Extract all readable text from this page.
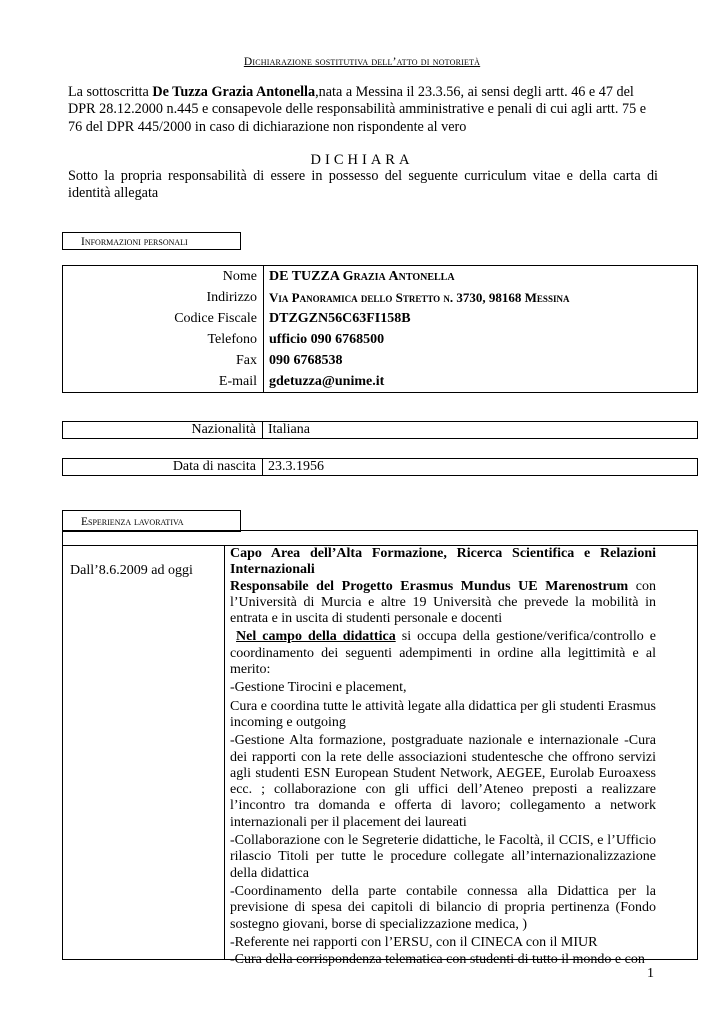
Dichiarazione sostitutiva dell’atto di notorietà
La sottoscritta De Tuzza Grazia Antonella,nata a Messina il 23.3.56, ai sensi degli artt. 46 e 47 del DPR 28.12.2000 n.445 e consapevole delle responsabilità amministrative e penali di cui agli artt. 75 e 76 del DPR 445/2000 in caso di dichiarazione non rispondente al vero
DICHIARA
Sotto la propria responsabilità di essere in possesso del seguente curriculum vitae e della carta di identità allegata
Informazioni personali
Nome	DE TUZZA Grazia Antonella
Indirizzo	Via Panoramica dello Stretto n. 3730, 98168 Messina
Codice Fiscale	DTZGZN56C63FI158B
Telefono	ufficio 090 6768500
Fax	090 6768538
E-mail	gdetuzza@unime.it
Nazionalità Italiana
Data di nascita 23.3.1956
Esperienza lavorativa
Dall’8.6.2009 ad oggi

Capo Area dell’Alta Formazione, Ricerca Scientifica e Relazioni Internazionali

Responsabile del Progetto Erasmus Mundus UE Marenostrum con l’Università di Murcia e altre 19 Università che prevede la mobilità in entrata e in uscita di studenti personale e docenti

Nel campo della didattica si occupa della gestione/verifica/controllo e coordinamento dei seguenti adempimenti in ordine alla legittimità e al merito:

-Gestione Tirocini e placement,

Cura e coordina tutte le attività legate alla didattica per gli studenti Erasmus incoming e outgoing

-Gestione Alta formazione, postgraduate nazionale e internazionale -Cura dei rapporti con la rete delle associazioni studentesche che offrono servizi agli studenti ESN European Student Network, AEGEE, Eurolab Euroaxess ecc. ; collaborazione con gli uffici dell’Ateneo preposti a realizzare l’incontro tra domanda e offerta di lavoro; collegamento a network internazionali per il placement dei laureati

-Collaborazione con le Segreterie didattiche, le Facoltà, il CCIS, e l’Ufficio rilascio Titoli per tutte le procedure collegate all’internazionalizzazione della didattica

-Coordinamento della parte contabile connessa alla Didattica per la previsione di spesa dei capitoli di bilancio di propria pertinenza (Fondo sostegno giovani, borse di specializzazione medica, )

-Referente nei rapporti con l’ERSU, con il CINECA con il MIUR

-Cura della corrispondenza telematica con studenti di tutto il mondo e con

1
